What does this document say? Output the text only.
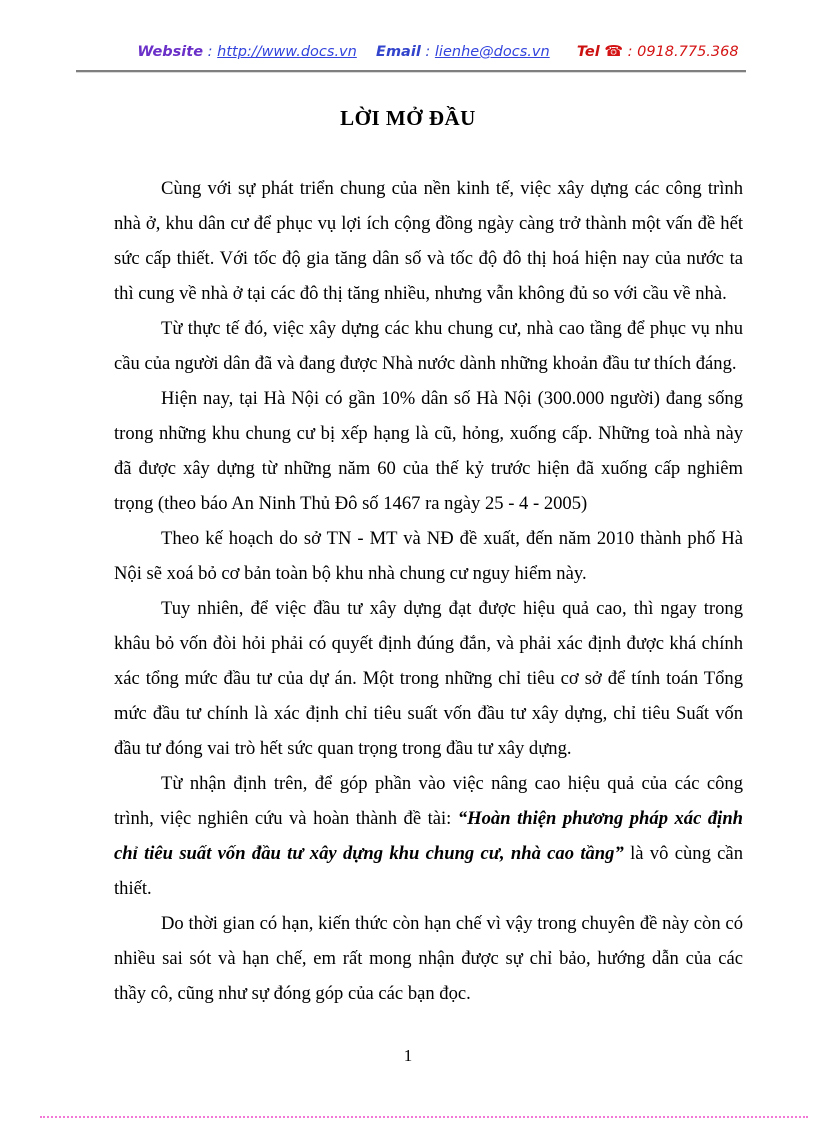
Website : http://www.docs.vn Email : lienhe@docs.vn Tel ☎ : 0918.775.368
LỜI MỞ ĐẦU

Cùng với sự phát triển chung của nền kinh tế, việc xây dựng các công trình nhà ở, khu dân cư để phục vụ lợi ích cộng đồng ngày càng trở thành một vấn đề hết sức cấp thiết. Với tốc độ gia tăng dân số và tốc độ đô thị hoá hiện nay của nước ta thì cung về nhà ở tại các đô thị tăng nhiều, nhưng vẫn không đủ so với cầu về nhà.

Từ thực tế đó, việc xây dựng các khu chung cư, nhà cao tầng để phục vụ nhu cầu của người dân đã và đang được Nhà nước dành những khoản đầu tư thích đáng.

Hiện nay, tại Hà Nội có gần 10% dân số Hà Nội (300.000 người) đang sống trong những khu chung cư bị xếp hạng là cũ, hỏng, xuống cấp. Những toà nhà này đã được xây dựng từ những năm 60 của thế kỷ trước hiện đã xuống cấp nghiêm trọng (theo báo An Ninh Thủ Đô số 1467 ra ngày 25 - 4 - 2005)

Theo kế hoạch do sở TN - MT và NĐ đề xuất, đến năm 2010 thành phố Hà Nội sẽ xoá bỏ cơ bản toàn bộ khu nhà chung cư nguy hiểm này.

Tuy nhiên, để việc đầu tư xây dựng đạt được hiệu quả cao, thì ngay trong khâu bỏ vốn đòi hỏi phải có quyết định đúng đắn, và phải xác định được khá chính xác tổng mức đầu tư của dự án. Một trong những chỉ tiêu cơ sở để tính toán Tổng mức đầu tư chính là xác định chỉ tiêu suất vốn đầu tư xây dựng, chỉ tiêu Suất vốn đầu tư đóng vai trò hết sức quan trọng trong đầu tư xây dựng.

Từ nhận định trên, để góp phần vào việc nâng cao hiệu quả của các công trình, việc nghiên cứu và hoàn thành đề tài: “Hoàn thiện phương pháp xác định chỉ tiêu suất vốn đầu tư xây dựng khu chung cư, nhà cao tầng” là vô cùng cần thiết.

Do thời gian có hạn, kiến thức còn hạn chế vì vậy trong chuyên đề này còn có nhiều sai sót và hạn chế, em rất mong nhận được sự chỉ bảo, hướng dẫn của các thầy cô, cũng như sự đóng góp của các bạn đọc.

1
